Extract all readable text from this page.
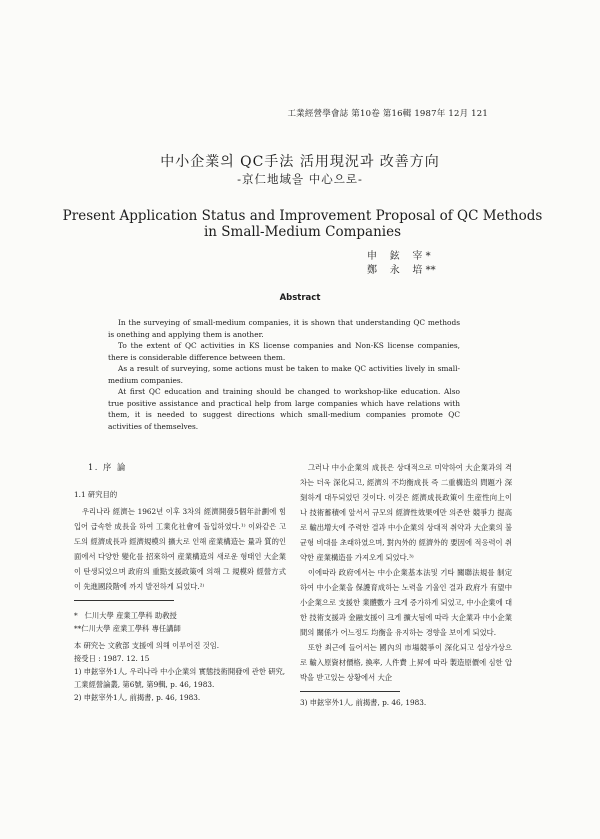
工業經營學會誌 第10卷 第16輯 1987年 12月 121
中小企業의 QC手法 活用現況과 改善方向
-京仁地域을 中心으로-
Present Application Status and Improvement Proposal of QC Methods
in Small-Medium Companies
申    鉉    宰 *
鄭    永    培 **
Abstract

In the surveying of small-medium companies, it is shown that understanding QC methods is onething and applying them is another.

To the extent of QC activities in KS license companies and Non-KS license companies, there is considerable difference between them.

As a result of surveying, some actions must be taken to make QC activities lively in small-medium companies.

At first QC education and training should be changed to workshop-like education. Also true positive assistance and practical help from large companies which have relations with them, it is needed to suggest directions which small-medium companies promote QC activities of themselves.

1. 序 論
1.1 硏究目的

우리나라 經濟는 1962년 이후 3차의 經濟開發5個年計劃에 힘입어 급속한 成長을 하여 工業化社會에 돌입하였다.¹⁾ 이와같은 고도의 經濟成長과 經濟規模의 擴大로 인해 産業構造는 量과 質的인 面에서 다양한 變化를 招來하여 産業構造의 새로운 형태인 大企業이 탄생되었으며 政府의 重點支援政策에 의해 그 規模와 經營方式이 先進國段階에 까지 발전하게 되었다.²⁾

*   仁川大學 産業工學科 助敎授
**仁川大學 産業工學科 專任講師
本 硏究는 文敎部 支援에 의해 이루어진 것임.
接受日 : 1987. 12. 15
1) 申鉉宰外1人, 우리나라 中小企業의 實態技術開發에 관한 硏究, 工業經營論叢, 第6號, 第9輯, p. 46, 1983.
2) 申鉉宰外1人, 前揭書, p. 46, 1983.

그러나 中小企業의 成長은 상대적으로 미약하여 大企業과의 격차는 더욱 深化되고, 經濟의 不均衡成長 즉 二重構造의 問題가 深刻하게 대두되었던 것이다. 이것은 經濟成長政策이 生産性向上이나 技術蓄積에 앞서서 규모의 經濟性效果에만 의존한 競爭力 提高로 輸出增大에 주력한 결과 中小企業의 상대적 취약과 大企業의 불균형 비대를 초래하였으며, 對內外的 經濟外的 要因에 적응력이 취약한 産業構造를 가져오게 되었다.³⁾

이에따라 政府에서는 中小企業基本法및 기타 關聯法規를 制定하여 中小企業을 保護育成하는 노력을 기울인 결과 政府가 有望中小企業으로 支援한 業體數가 크게 증가하게 되었고, 中小企業에 대한 技術支援과 金融支援이 크게 擴大됨에 따라 大企業과 中小企業間의 關係가 어느정도 均衡을 유지하는 경향을 보이게 되었다.

또한 최근에 들어서는 國內의 市場競爭이 深化되고 설상가상으로 輸入原資材價格, 換率, 人件費 上昇에 따라 製造原價에 심한 압박을 받고있는 상황에서 大企

3) 申鉉宰外1人, 前揭書, p. 46, 1983.
